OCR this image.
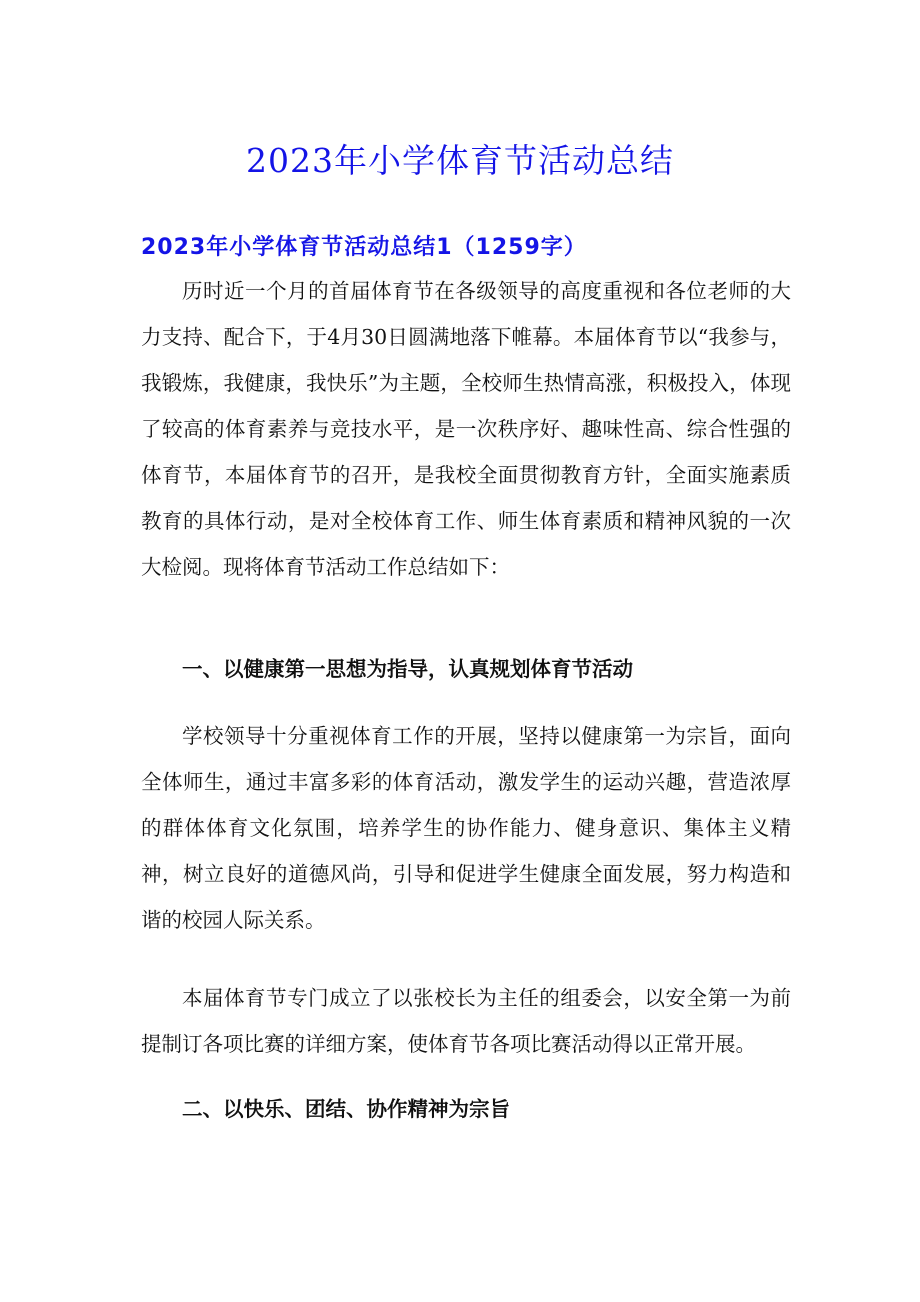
2023年小学体育节活动总结
2023年小学体育节活动总结1（1259字）

历时近一个月的首届体育节在各级领导的高度重视和各位老师的大力支持、配合下，于4月30日圆满地落下帷幕。本届体育节以“我参与，我锻炼，我健康，我快乐”为主题，全校师生热情高涨，积极投入，体现了较高的体育素养与竞技水平，是一次秩序好、趣味性高、综合性强的体育节，本届体育节的召开，是我校全面贯彻教育方针，全面实施素质教育的具体行动，是对全校体育工作、师生体育素质和精神风貌的一次大检阅。现将体育节活动工作总结如下：

一、以健康第一思想为指导，认真规划体育节活动

学校领导十分重视体育工作的开展，坚持以健康第一为宗旨，面向全体师生，通过丰富多彩的体育活动，激发学生的运动兴趣，营造浓厚的群体体育文化氛围，培养学生的协作能力、健身意识、集体主义精神，树立良好的道德风尚，引导和促进学生健康全面发展，努力构造和谐的校园人际关系。

本届体育节专门成立了以张校长为主任的组委会，以安全第一为前提制订各项比赛的详细方案，使体育节各项比赛活动得以正常开展。

二、以快乐、团结、协作精神为宗旨
